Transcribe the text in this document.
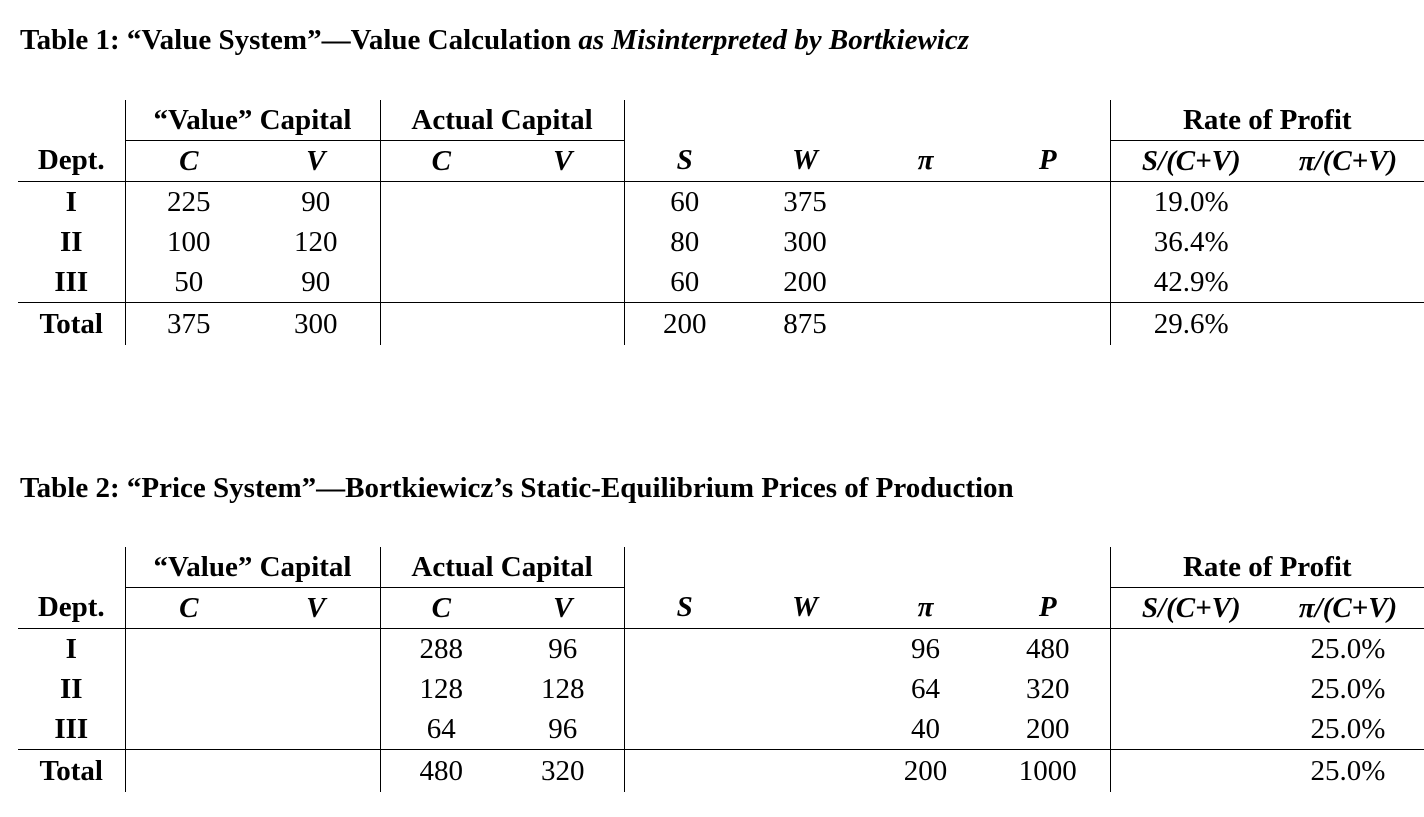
Table 1: “Value System”—Value Calculation as Misinterpreted by Bortkiewicz
	“Value” Capital		Actual Capital						Rate of Profit	
Dept.	C	V	C	V	S	W	π	P	S/(C+V)	π/(C+V)
I	225	90			60	375			19.0%	
II	100	120			80	300			36.4%	
III	50	90			60	200			42.9%	
Total	375	300			200	875			29.6%	
Table 2: “Price System”—Bortkiewicz’s Static-Equilibrium Prices of Production
	“Value” Capital		Actual Capital						Rate of Profit	
Dept.	C	V	C	V	S	W	π	P	S/(C+V)	π/(C+V)
I			288	96			96	480		25.0%
II			128	128			64	320		25.0%
III			64	96			40	200		25.0%
Total			480	320			200	1000		25.0%
